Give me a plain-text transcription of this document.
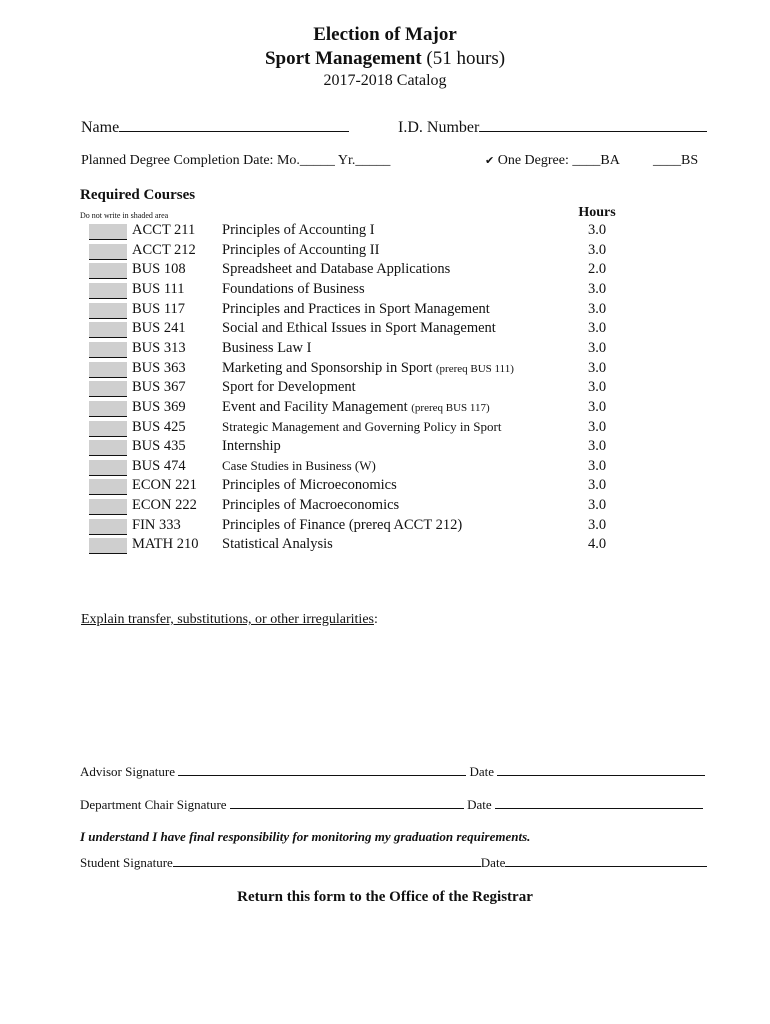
Election of Major
Sport Management (51 hours)
2017-2018 Catalog
Name	I.D. Number
Planned Degree Completion Date: Mo._____ Yr._____	✔ One Degree: ____BA ____BS
Required Courses
Do not write in shaded area	Hours
ACCT 211 Principles of Accounting I	3.0
ACCT 212 Principles of Accounting II	3.0
BUS 108	Spreadsheet and Database Applications	2.0
BUS 111	Foundations of Business	3.0
BUS 117	Principles and Practices in Sport Management	3.0
BUS 241	Social and Ethical Issues in Sport Management	3.0
BUS 313	Business Law I	3.0
BUS 363	Marketing and Sponsorship in Sport (prereq BUS 111)	3.0
BUS 367	Sport for Development	3.0
BUS 369	Event and Facility Management (prereq BUS 117)	3.0
BUS 425	Strategic Management and Governing Policy in Sport	3.0
BUS 435	Internship	3.0
BUS 474	Case Studies in Business (W)	3.0
ECON 221 Principles of Microeconomics	3.0
ECON 222 Principles of Macroeconomics	3.0
FIN 333	Principles of Finance (prereq ACCT 212)	3.0
MATH 210 Statistical Analysis	4.0
Explain transfer, substitutions, or other irregularities:
Advisor Signature	Date
Department Chair Signature	Date
I understand I have final responsibility for monitoring my graduation requirements.
Student Signature	Date
Return this form to the Office of the Registrar
